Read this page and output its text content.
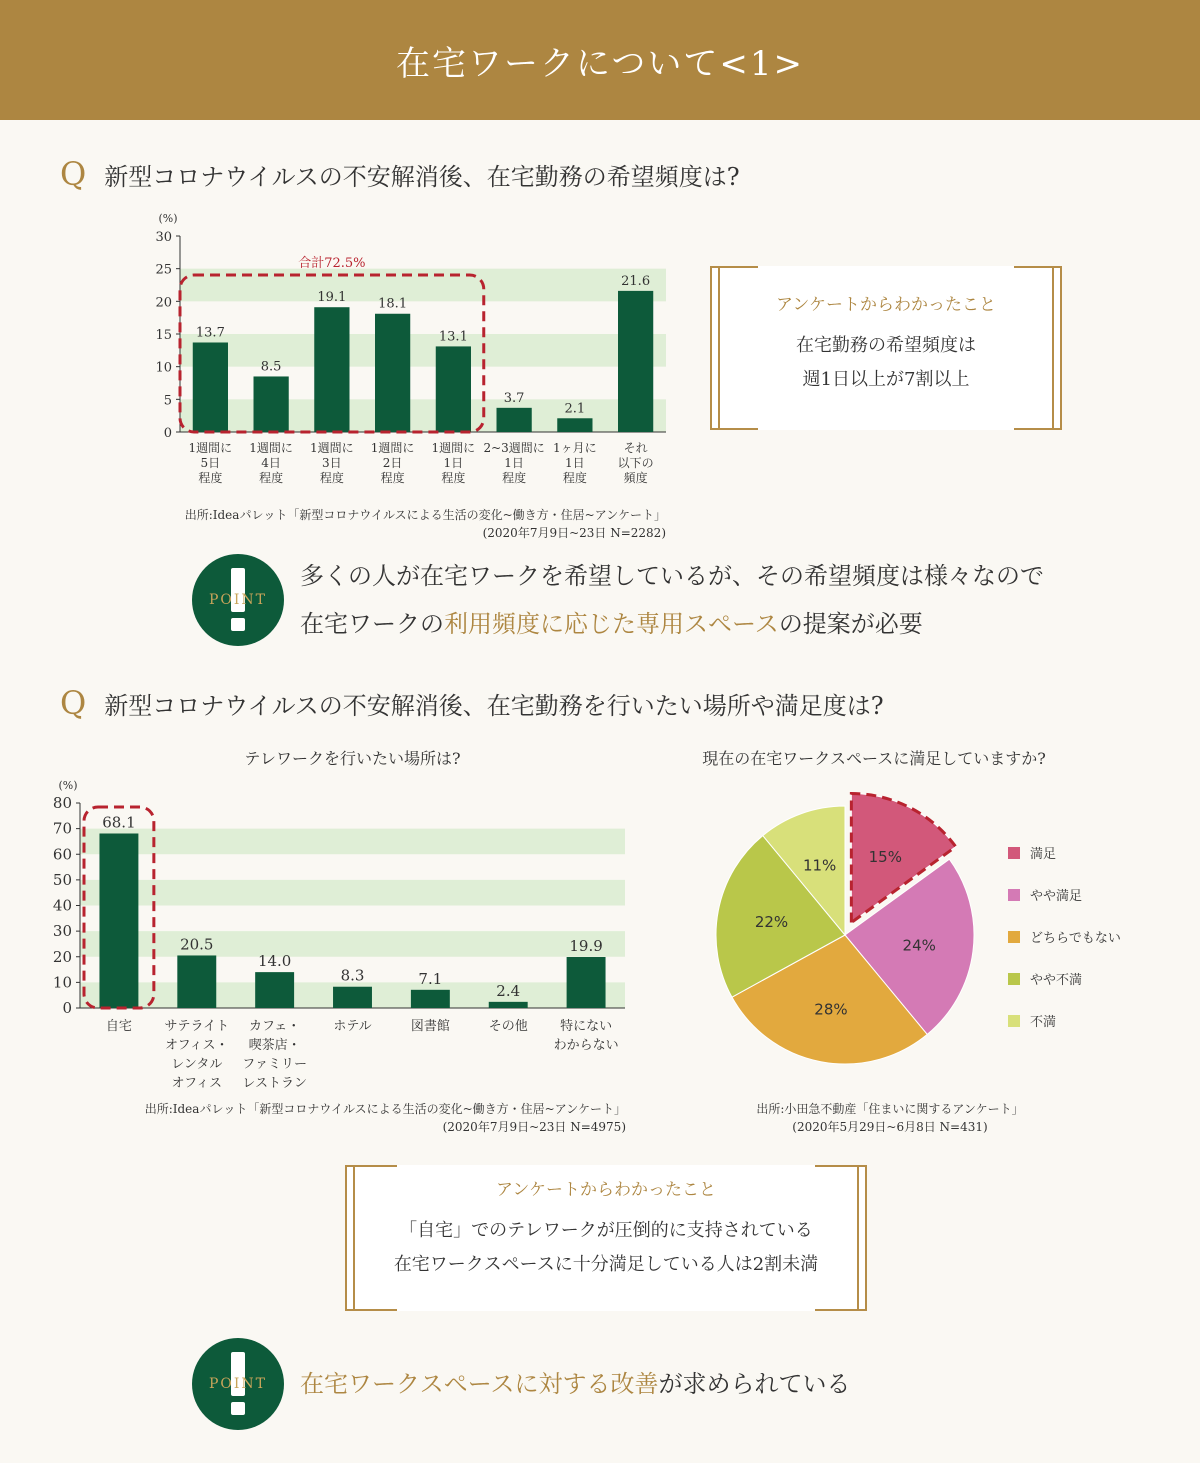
在宅ワークについて<1>
Q 新型コロナウイルスの不安解消後、在宅勤務の希望頻度は?
0
5
10
15
20
25
30
(%)
13.7
1週間に
5日
程度
8.5
1週間に
4日
程度
19.1
1週間に
3日
程度
18.1
1週間に
2日
程度
13.1
1週間に
1日
程度
3.7
2~3週間に
1日
程度
2.1
1ヶ月に
1日
程度
21.6
それ
以下の
頻度
合計72.5%
出所:Ideaパレット「新型コロナウイルスによる生活の変化~働き方・住居~アンケート」
(2020年7月9日~23日 N=2282)
アンケートからわかったこと
在宅勤務の希望頻度は
週1日以上が7割以上
POINT
多くの人が在宅ワークを希望しているが、その希望頻度は様々なので
在宅ワークの利用頻度に応じた専用スペースの提案が必要
Q 新型コロナウイルスの不安解消後、在宅勤務を行いたい場所や満足度は?
0
10
20
30
40
50
60
70
80
(%)
68.1
自宅
20.5
サテライト
オフィス・
レンタル
オフィス
14.0
カフェ・
喫茶店・
ファミリー
レストラン
8.3
ホテル
7.1
図書館
2.4
その他
19.9
特にない
わからない
テレワークを行いたい場所は?
出所:Ideaパレット「新型コロナウイルスによる生活の変化~働き方・住居~アンケート」
(2020年7月9日~23日 N=4975)
現在の在宅ワークスペースに満足していますか?
15%	満足
24%
やや満足
28%
どちらでもない
22%
やや不満
11%
不満
出所:小田急不動産「住まいに関するアンケート」
(2020年5月29日~6月8日 N=431)
アンケートからわかったこと
「自宅」でのテレワークが圧倒的に支持されている
在宅ワークスペースに十分満足している人は2割未満
POINT 在宅ワークスペースに対する改善が求められている
